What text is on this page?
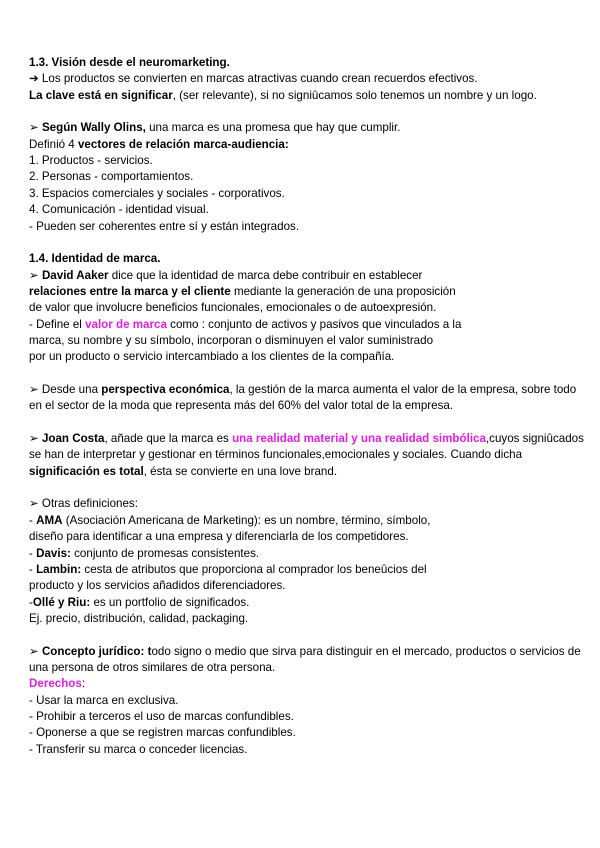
1.3. Visión desde el neuromarketing.
➔ Los productos se convierten en marcas atractivas cuando crean recuerdos efectivos.
La clave está en significar, (ser relevante), si no signiûcamos solo tenemos un nombre y un logo.
➢ Según Wally Olins, una marca es una promesa que hay que cumplir.
Definió 4 vectores de relación marca-audiencia:
1. Productos - servicios.
2. Personas - comportamientos.
3. Espacios comerciales y sociales - corporativos.
4. Comunicación - identidad visual.
- Pueden ser coherentes entre sí y están integrados.
1.4. Identidad de marca.
➢ David Aaker dice que la identidad de marca debe contribuir en establecer
relaciones entre la marca y el cliente mediante la generación de una proposición
de valor que involucre beneficios funcionales, emocionales o de autoexpresión.
- Define el valor de marca como : conjunto de activos y pasivos que vinculados a la
marca, su nombre y su símbolo, incorporan o disminuyen el valor suministrado
por un producto o servicio intercambiado a los clientes de la compañía.
➢ Desde una perspectiva económica, la gestión de la marca aumenta el valor de la empresa, sobre todo
en el sector de la moda que representa más del 60% del valor total de la empresa.
➢ Joan Costa, añade que la marca es una realidad material y una realidad simbólica,cuyos signiûcados
se han de interpretar y gestionar en términos funcionales,emocionales y sociales. Cuando dicha
significación es total, ésta se convierte en una love brand.
➢ Otras definiciones:
- AMA (Asociación Americana de Marketing): es un nombre, término, símbolo,
diseño para identificar a una empresa y diferenciarla de los competidores.
- Davis: conjunto de promesas consistentes.
- Lambin: cesta de atributos que proporciona al comprador los beneûcios del
producto y los servicios añadidos diferenciadores.
-Ollé y Riu: es un portfolio de significados.
Ej. precio, distribución, calidad, packaging.
➢ Concepto jurídico: todo signo o medio que sirva para distinguir en el mercado, productos o servicios de
una persona de otros similares de otra persona.
Derechos:
- Usar la marca en exclusiva.
- Prohibir a terceros el uso de marcas confundibles.
- Oponerse a que se registren marcas confundibles.
- Transferir su marca o conceder licencias.
